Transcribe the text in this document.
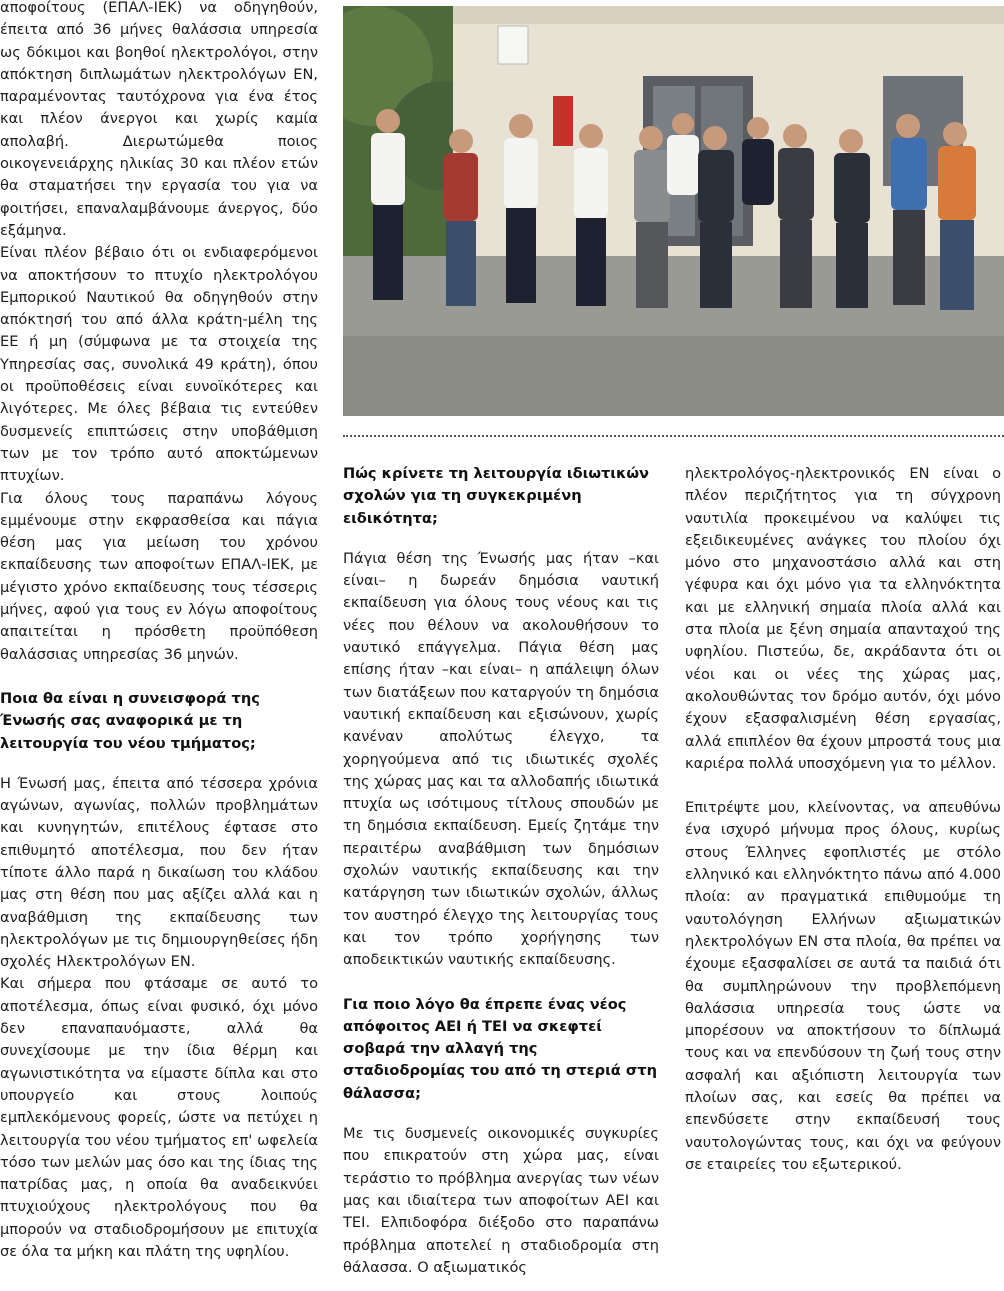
αποφοίτους (ΕΠΑΛ-ΙΕΚ) να οδηγηθούν, έπειτα από 36 μήνες θαλάσσια υπηρεσία ως δόκιμοι και βοηθοί ηλεκτρολόγοι, στην απόκτηση διπλωμάτων ηλεκτρολόγων ΕΝ, παραμένοντας ταυτόχρονα για ένα έτος και πλέον άνεργοι και χωρίς καμία απολαβή. Διερωτώμεθα ποιος οικογενειάρχης ηλικίας 30 και πλέον ετών θα σταματήσει την εργασία του για να φοιτήσει, επαναλαμβάνουμε άνεργος, δύο εξάμηνα.

Είναι πλέον βέβαιο ότι οι ενδιαφερόμενοι να αποκτήσουν το πτυχίο ηλεκτρολόγου Εμπορικού Ναυτικού θα οδηγηθούν στην απόκτησή του από άλλα κράτη-μέλη της ΕΕ ή μη (σύμφωνα με τα στοιχεία της Υπηρεσίας σας, συνολικά 49 κράτη), όπου οι προϋποθέσεις είναι ευνοϊκότερες και λιγότερες. Με όλες βέβαια τις εντεύθεν δυσμενείς επιπτώσεις στην υποβάθμιση των με τον τρόπο αυτό αποκτώμενων πτυχίων.

Για όλους τους παραπάνω λόγους εμμένουμε στην εκφρασθείσα και πάγια θέση μας για μείωση του χρόνου εκπαίδευσης των αποφοίτων ΕΠΑΛ-ΙΕΚ, με μέγιστο χρόνο εκπαίδευσης τους τέσσερις μήνες, αφού για τους εν λόγω αποφοίτους απαιτείται η πρόσθετη προϋπόθεση θαλάσσιας υπηρεσίας 36 μηνών.

Ποια θα είναι η συνεισφορά της Ένωσής σας αναφορικά με τη λειτουργία του νέου τμήματος;

Η Ένωσή μας, έπειτα από τέσσερα χρόνια αγώνων, αγωνίας, πολλών προβλημάτων και κυνηγητών, επιτέλους έφτασε στο επιθυμητό αποτέλεσμα, που δεν ήταν τίποτε άλλο παρά η δικαίωση του κλάδου μας στη θέση που μας αξίζει αλλά και η αναβάθμιση της εκπαίδευσης των ηλεκτρολόγων με τις δημιουργηθείσες ήδη σχολές Ηλεκτρολόγων ΕΝ.

Και σήμερα που φτάσαμε σε αυτό το αποτέλεσμα, όπως είναι φυσικό, όχι μόνο δεν επαναπαυόμαστε, αλλά θα συνεχίσουμε με την ίδια θέρμη και αγωνιστικότητα να είμαστε δίπλα και στο υπουργείο και στους λοιπούς εμπλεκόμενους φορείς, ώστε να πετύχει η λειτουργία του νέου τμήματος επ' ωφελεία τόσο των μελών μας όσο και της ίδιας της πατρίδας μας, η οποία θα αναδεικνύει πτυχιούχους ηλεκτρολόγους που θα μπορούν να σταδιοδρομήσουν με επιτυχία σε όλα τα μήκη και πλάτη της υφηλίου.

Πώς κρίνετε τη λειτουργία ιδιωτικών σχολών για τη συγκεκριμένη ειδικότητα;

Πάγια θέση της Ένωσής μας ήταν –και είναι– η δωρεάν δημόσια ναυτική εκπαίδευση για όλους τους νέους και τις νέες που θέλουν να ακολουθήσουν το ναυτικό επάγγελμα. Πάγια θέση μας επίσης ήταν –και είναι– η απάλειψη όλων των διατάξεων που καταργούν τη δημόσια ναυτική εκπαίδευση και εξισώνουν, χωρίς κανέναν απολύτως έλεγχο, τα χορηγούμενα από τις ιδιωτικές σχολές της χώρας μας και τα αλλοδαπής ιδιωτικά πτυχία ως ισότιμους τίτλους σπουδών με τη δημόσια εκπαίδευση. Εμείς ζητάμε την περαιτέρω αναβάθμιση των δημόσιων σχολών ναυτικής εκπαίδευσης και την κατάργηση των ιδιωτικών σχολών, άλλως τον αυστηρό έλεγχο της λειτουργίας τους και τον τρόπο χορήγησης των αποδεικτικών ναυτικής εκπαίδευσης.

Για ποιο λόγο θα έπρεπε ένας νέος απόφοιτος ΑΕΙ ή ΤΕΙ να σκεφτεί σοβαρά την αλλαγή της σταδιοδρομίας του από τη στεριά στη θάλασσα;

Με τις δυσμενείς οικονομικές συγκυρίες που επικρατούν στη χώρα μας, είναι τεράστιο το πρόβλημα ανεργίας των νέων μας και ιδιαίτερα των αποφοίτων ΑΕΙ και ΤΕΙ. Ελπιδοφόρα διέξοδο στο παραπάνω πρόβλημα αποτελεί η σταδιοδρομία στη θάλασσα. Ο αξιωματικός

ηλεκτρολόγος-ηλεκτρονικός ΕΝ είναι ο πλέον περιζήτητος για τη σύγχρονη ναυτιλία προκειμένου να καλύψει τις εξειδικευμένες ανάγκες του πλοίου όχι μόνο στο μηχανοστάσιο αλλά και στη γέφυρα και όχι μόνο για τα ελληνόκτητα και με ελληνική σημαία πλοία αλλά και στα πλοία με ξένη σημαία απανταχού της υφηλίου. Πιστεύω, δε, ακράδαντα ότι οι νέοι και οι νέες της χώρας μας, ακολουθώντας τον δρόμο αυτόν, όχι μόνο έχουν εξασφαλισμένη θέση εργασίας, αλλά επιπλέον θα έχουν μπροστά τους μια καριέρα πολλά υποσχόμενη για το μέλλον.

Επιτρέψτε μου, κλείνοντας, να απευθύνω ένα ισχυρό μήνυμα προς όλους, κυρίως στους Έλληνες εφοπλιστές με στόλο ελληνικό και ελληνόκτητο πάνω από 4.000 πλοία: αν πραγματικά επιθυμούμε τη ναυτολόγηση Ελλήνων αξιωματικών ηλεκτρολόγων ΕΝ στα πλοία, θα πρέπει να έχουμε εξασφαλίσει σε αυτά τα παιδιά ότι θα συμπληρώνουν την προβλεπόμενη θαλάσσια υπηρεσία τους ώστε να μπορέσουν να αποκτήσουν το δίπλωμά τους και να επενδύσουν τη ζωή τους στην ασφαλή και αξιόπιστη λειτουργία των πλοίων σας, και εσείς θα πρέπει να επενδύσετε στην εκπαίδευσή τους ναυτολογώντας τους, και όχι να φεύγουν σε εταιρείες του εξωτερικού.
